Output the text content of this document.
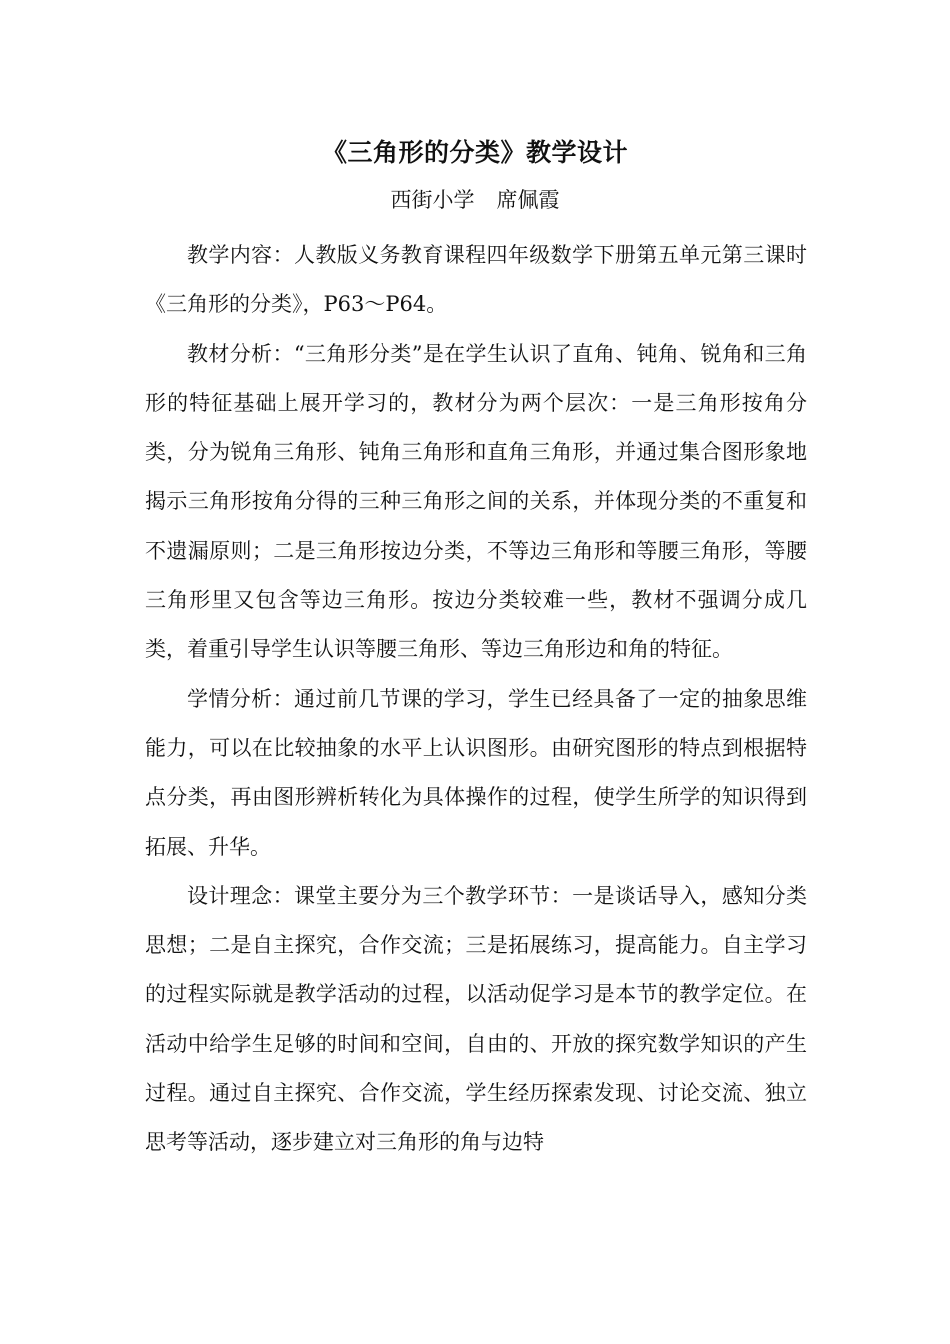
《三角形的分类》教学设计
西街小学 席佩霞

教学内容：人教版义务教育课程四年级数学下册第五单元第三课时《三角形的分类》，P63～P64。

教材分析：“三角形分类”是在学生认识了直角、钝角、锐角和三角形的特征基础上展开学习的，教材分为两个层次：一是三角形按角分类，分为锐角三角形、钝角三角形和直角三角形，并通过集合图形象地揭示三角形按角分得的三种三角形之间的关系，并体现分类的不重复和不遗漏原则；二是三角形按边分类，不等边三角形和等腰三角形，等腰三角形里又包含等边三角形。按边分类较难一些，教材不强调分成几类，着重引导学生认识等腰三角形、等边三角形边和角的特征。

学情分析：通过前几节课的学习，学生已经具备了一定的抽象思维能力，可以在比较抽象的水平上认识图形。由研究图形的特点到根据特点分类，再由图形辨析转化为具体操作的过程，使学生所学的知识得到拓展、升华。

设计理念：课堂主要分为三个教学环节：一是谈话导入，感知分类思想；二是自主探究，合作交流；三是拓展练习，提高能力。自主学习的过程实际就是教学活动的过程，以活动促学习是本节的教学定位。在活动中给学生足够的时间和空间，自由的、开放的探究数学知识的产生过程。通过自主探究、合作交流，学生经历探索发现、讨论交流、独立思考等活动，逐步建立对三角形的角与边特
